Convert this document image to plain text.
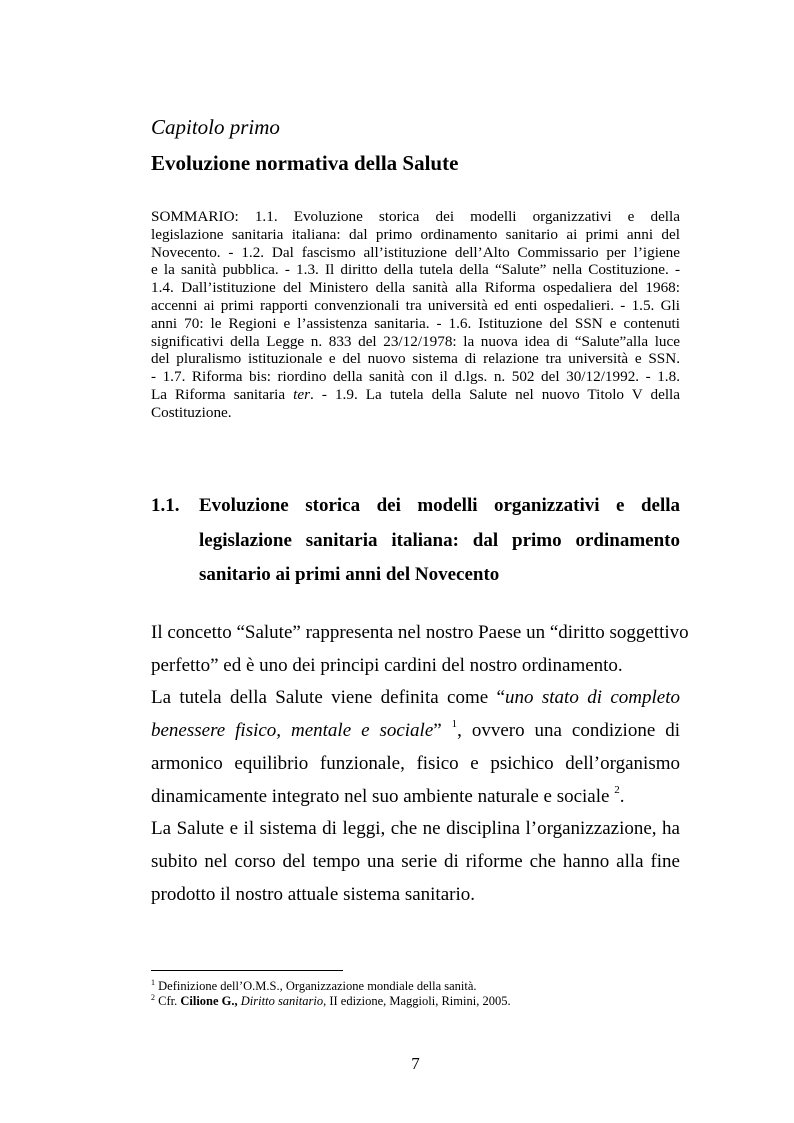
Capitolo primo
Evoluzione normativa della Salute
SOMMARIO: 1.1. Evoluzione storica dei modelli organizzativi e della
legislazione sanitaria italiana: dal primo ordinamento sanitario ai primi anni del
Novecento. - 1.2. Dal fascismo all’istituzione dell’Alto Commissario per l’igiene
e la sanità pubblica. - 1.3. Il diritto della tutela della “Salute” nella Costituzione. -
1.4. Dall’istituzione del Ministero della sanità alla Riforma ospedaliera del 1968:
accenni ai primi rapporti convenzionali tra università ed enti ospedalieri. - 1.5. Gli
anni 70: le Regioni e l’assistenza sanitaria. - 1.6. Istituzione del SSN e contenuti
significativi della Legge n. 833 del 23/12/1978: la nuova idea di “Salute”alla luce
del pluralismo istituzionale e del nuovo sistema di relazione tra università e SSN.
- 1.7. Riforma bis: riordino della sanità con il d.lgs. n. 502 del 30/12/1992. - 1.8.
La Riforma sanitaria ter. - 1.9. La tutela della Salute nel nuovo Titolo V della
Costituzione.
1.1. Evoluzione storica dei modelli organizzativi e della
legislazione sanitaria italiana: dal primo ordinamento
sanitario ai primi anni del Novecento
Il concetto “Salute” rappresenta nel nostro Paese un “diritto soggettivo
perfetto” ed è uno dei principi cardini del nostro ordinamento.
La tutela della Salute viene definita come “uno stato di completo
benessere fisico, mentale e sociale” $^1$, ovvero una condizione di
armonico equilibrio funzionale, fisico e psichico dell’organismo
dinamicamente integrato nel suo ambiente naturale e sociale $^2$.
La Salute e il sistema di leggi, che ne disciplina l’organizzazione, ha
subito nel corso del tempo una serie di riforme che hanno alla fine
prodotto il nostro attuale sistema sanitario.
$^1$ Definizione dell’O.M.S., Organizzazione mondiale della sanità.
$^2$ Cfr. Cilione G., Diritto sanitario, II edizione, Maggioli, Rimini, 2005.
7
